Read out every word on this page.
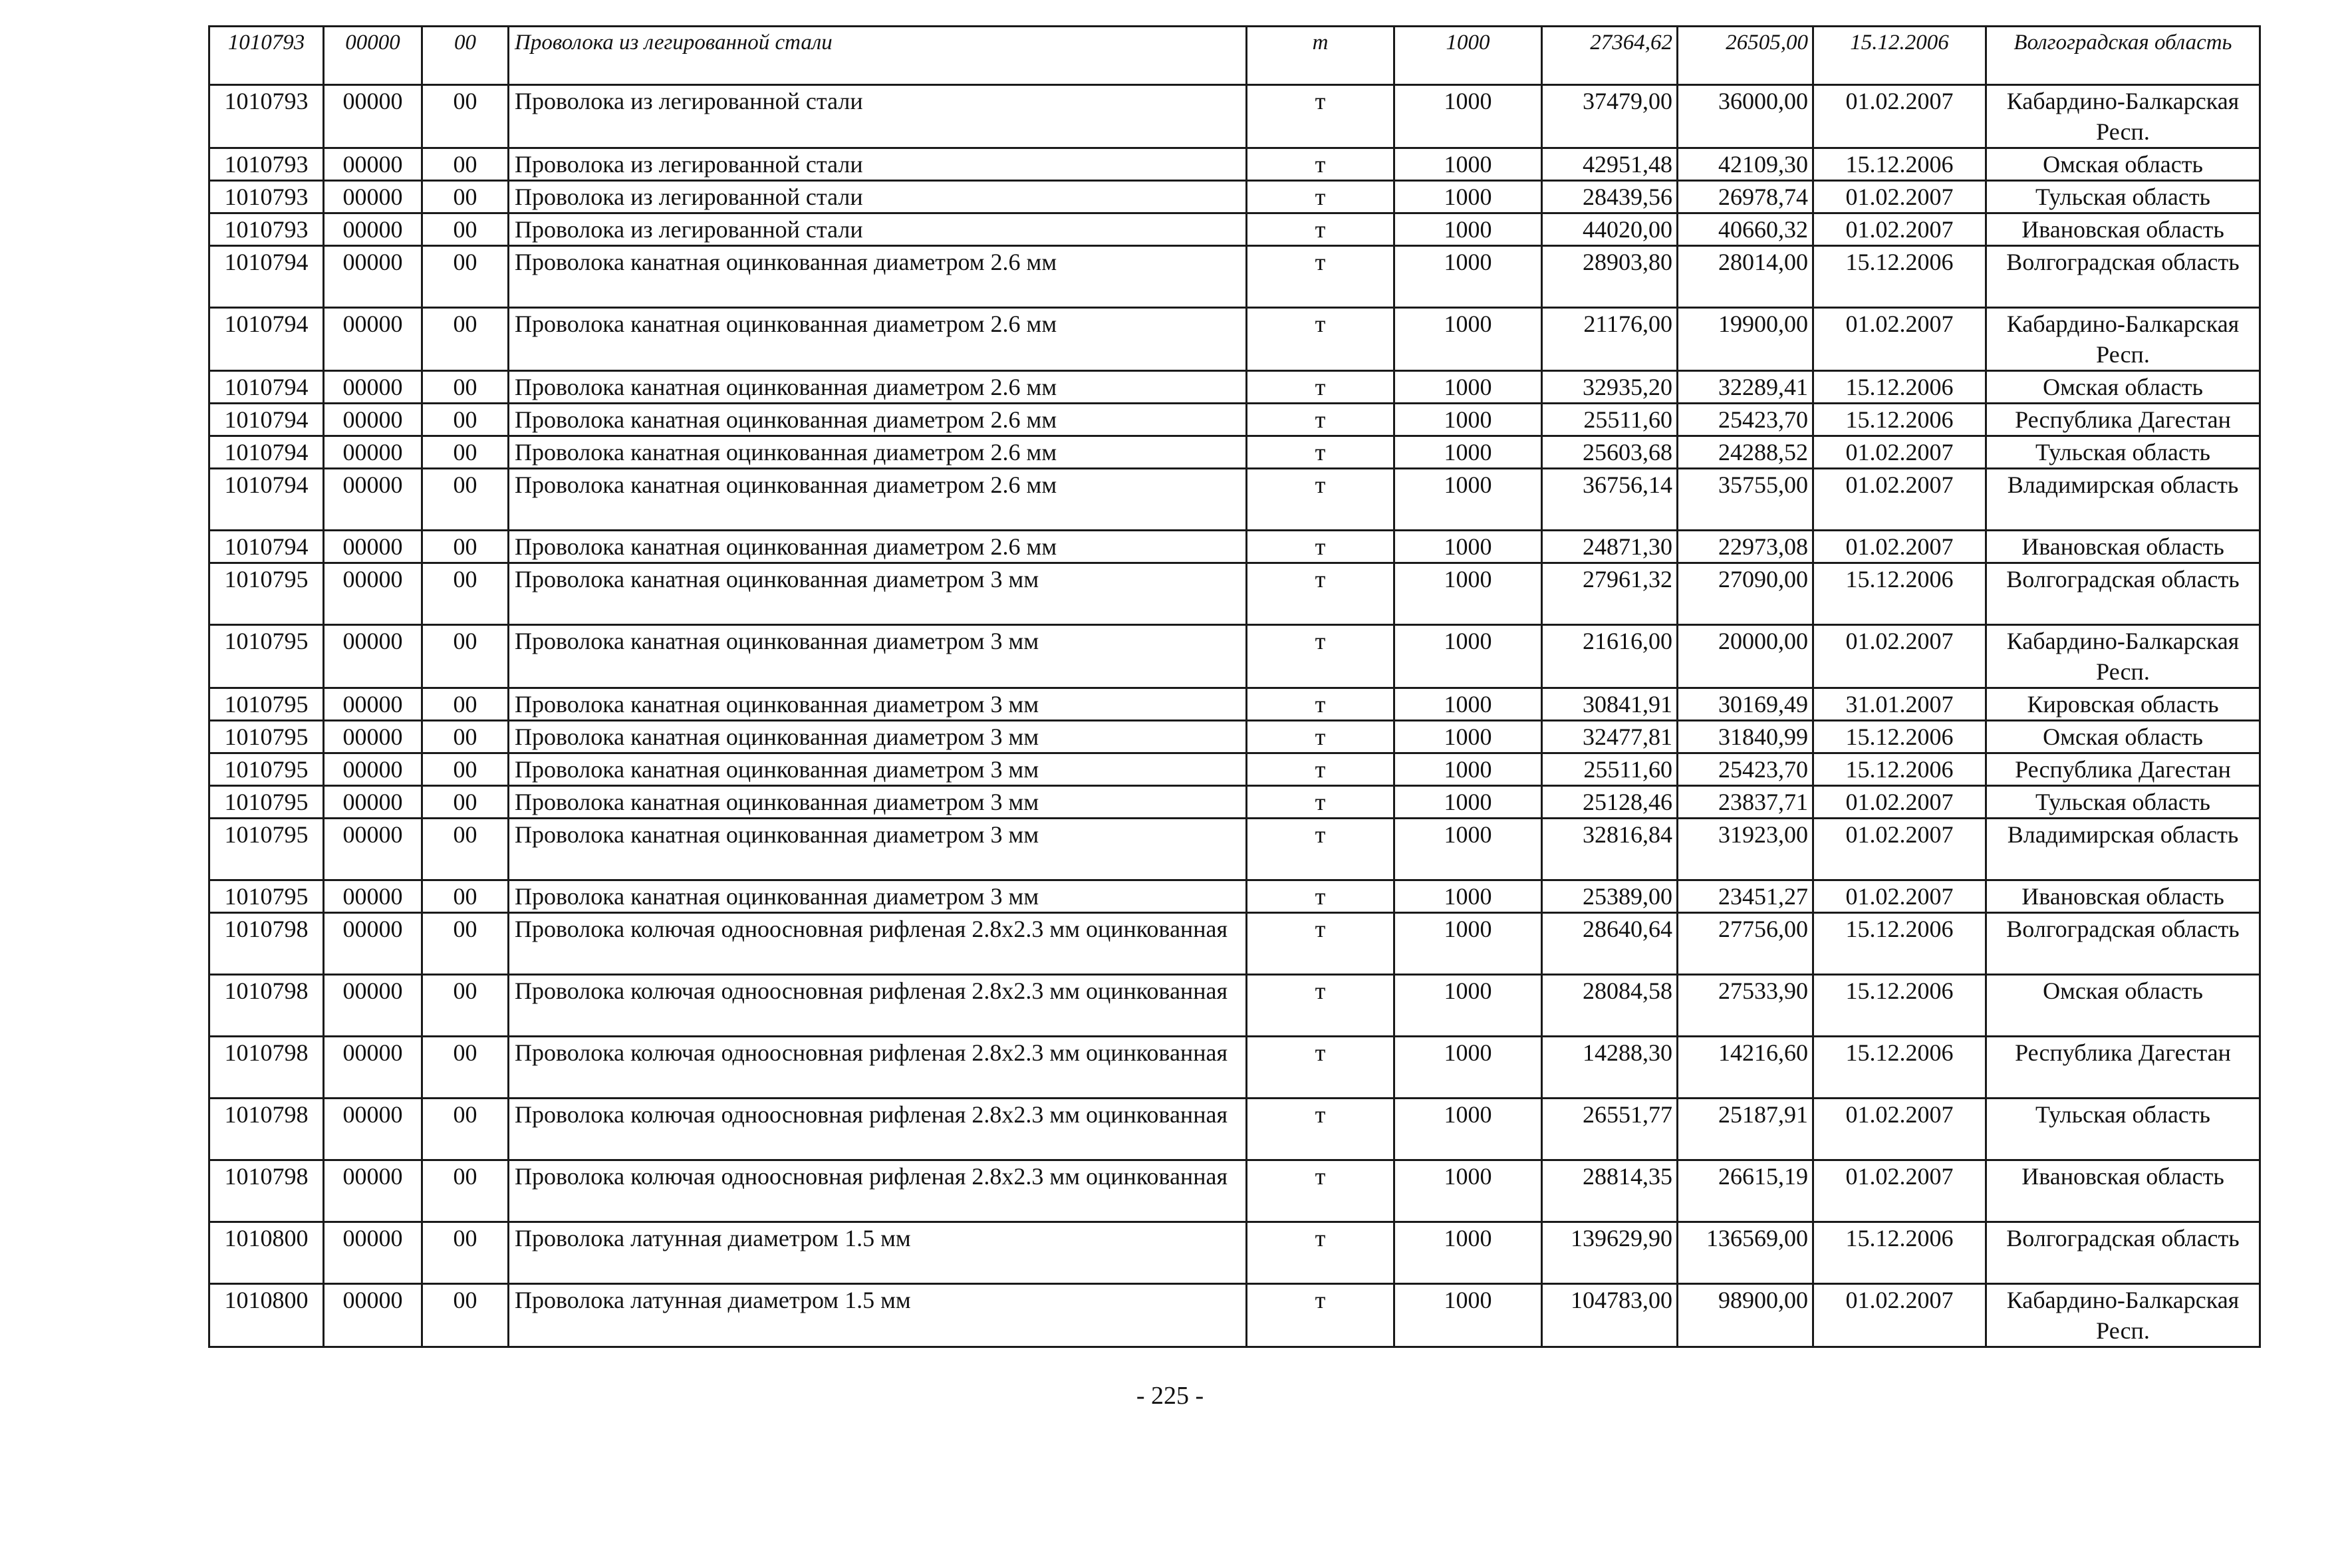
1010793	00000	00	Проволока из легированной стали	т	1000	27364,62	26505,00	15.12.2006	Волгоградская область
1010793	00000	00	Проволока из легированной стали	т	1000	37479,00	36000,00	01.02.2007	Кабардино-Балкарская Респ.
1010793	00000	00	Проволока из легированной стали	т	1000	42951,48	42109,30	15.12.2006	Омская область
1010793	00000	00	Проволока из легированной стали	т	1000	28439,56	26978,74	01.02.2007	Тульская область
1010793	00000	00	Проволока из легированной стали	т	1000	44020,00	40660,32	01.02.2007	Ивановская область
1010794	00000	00	Проволока канатная оцинкованная диаметром 2.6 мм	т	1000	28903,80	28014,00	15.12.2006	Волгоградская область
1010794	00000	00	Проволока канатная оцинкованная диаметром 2.6 мм	т	1000	21176,00	19900,00	01.02.2007	Кабардино-Балкарская Респ.
1010794	00000	00	Проволока канатная оцинкованная диаметром 2.6 мм	т	1000	32935,20	32289,41	15.12.2006	Омская область
1010794	00000	00	Проволока канатная оцинкованная диаметром 2.6 мм	т	1000	25511,60	25423,70	15.12.2006	Республика Дагестан
1010794	00000	00	Проволока канатная оцинкованная диаметром 2.6 мм	т	1000	25603,68	24288,52	01.02.2007	Тульская область
1010794	00000	00	Проволока канатная оцинкованная диаметром 2.6 мм	т	1000	36756,14	35755,00	01.02.2007	Владимирская область
1010794	00000	00	Проволока канатная оцинкованная диаметром 2.6 мм	т	1000	24871,30	22973,08	01.02.2007	Ивановская область
1010795	00000	00	Проволока канатная оцинкованная диаметром 3 мм	т	1000	27961,32	27090,00	15.12.2006	Волгоградская область
1010795	00000	00	Проволока канатная оцинкованная диаметром 3 мм	т	1000	21616,00	20000,00	01.02.2007	Кабардино-Балкарская Респ.
1010795	00000	00	Проволока канатная оцинкованная диаметром 3 мм	т	1000	30841,91	30169,49	31.01.2007	Кировская область
1010795	00000	00	Проволока канатная оцинкованная диаметром 3 мм	т	1000	32477,81	31840,99	15.12.2006	Омская область
1010795	00000	00	Проволока канатная оцинкованная диаметром 3 мм	т	1000	25511,60	25423,70	15.12.2006	Республика Дагестан
1010795	00000	00	Проволока канатная оцинкованная диаметром 3 мм	т	1000	25128,46	23837,71	01.02.2007	Тульская область
1010795	00000	00	Проволока канатная оцинкованная диаметром 3 мм	т	1000	32816,84	31923,00	01.02.2007	Владимирская область
1010795	00000	00	Проволока канатная оцинкованная диаметром 3 мм	т	1000	25389,00	23451,27	01.02.2007	Ивановская область
1010798	00000	00	Проволока колючая одноосновная рифленая 2.8x2.3 мм оцинкованная	т	1000	28640,64	27756,00	15.12.2006	Волгоградская область
1010798	00000	00	Проволока колючая одноосновная рифленая 2.8x2.3 мм оцинкованная	т	1000	28084,58	27533,90	15.12.2006	Омская область
1010798	00000	00	Проволока колючая одноосновная рифленая 2.8x2.3 мм оцинкованная	т	1000	14288,30	14216,60	15.12.2006	Республика Дагестан
1010798	00000	00	Проволока колючая одноосновная рифленая 2.8x2.3 мм оцинкованная	т	1000	26551,77	25187,91	01.02.2007	Тульская область
1010798	00000	00	Проволока колючая одноосновная рифленая 2.8x2.3 мм оцинкованная	т	1000	28814,35	26615,19	01.02.2007	Ивановская область
1010800	00000	00	Проволока латунная диаметром 1.5 мм	т	1000	139629,90	136569,00	15.12.2006	Волгоградская область
1010800	00000	00	Проволока латунная диаметром 1.5 мм	т	1000	104783,00	98900,00	01.02.2007	Кабардино-Балкарская Респ.
- 225 -
